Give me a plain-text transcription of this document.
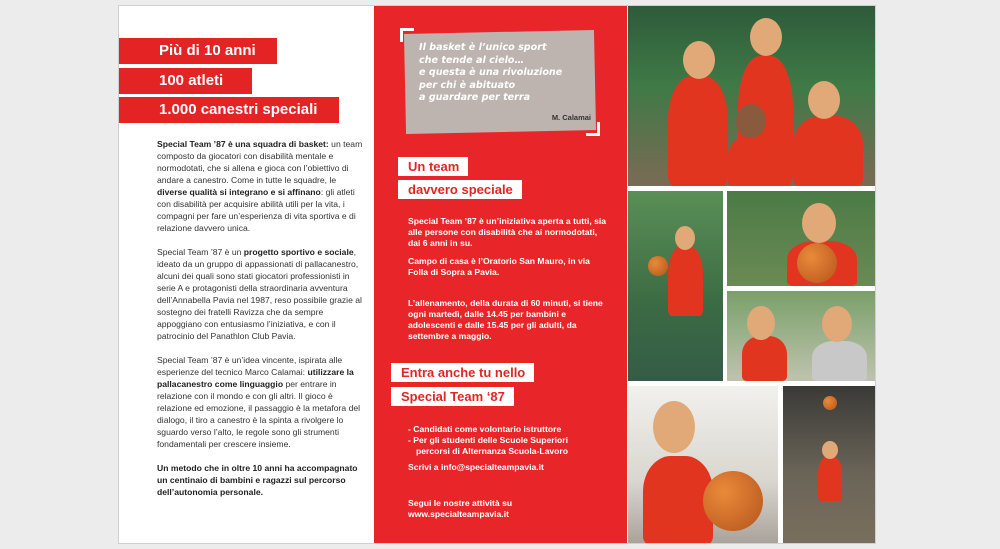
Più di 10 anni
100 atleti
1.000 canestri speciali

Special Team ’87 è una squadra di basket: un team composto da giocatori con disabilità mentale e normodotati, che si allena e gioca con l’obiettivo di andare a canestro. Come in tutte le squadre, le diverse qualità si integrano e si affinano: gli atleti con disabilità per acquisire abilità utili per la vita, i compagni per fare un’esperienza di vita sportiva e di relazione davvero unica.

Special Team ’87 è un progetto sportivo e sociale, ideato da un gruppo di appassionati di pallacanestro, alcuni dei quali sono stati giocatori professionisti in serie A e protagonisti della straordinaria avventura dell’Annabella Pavia nel 1987, reso possibile grazie al sostegno dei fratelli Ravizza che da sempre appoggiano con entusiasmo l’iniziativa, e con il patrocinio del Panathlon Club Pavia.

Special Team ’87 è un’idea vincente, ispirata alle esperienze del tecnico Marco Calamai: utilizzare la pallacanestro come linguaggio per entrare in relazione con il mondo e con gli altri. Il gioco è relazione ed emozione, il passaggio è la metafora del dialogo, il tiro a canestro è la spinta a rivolgere lo sguardo verso l’alto, le regole sono gli strumenti fondamentali per crescere insieme.

Un metodo che in oltre 10 anni ha accompagnato un centinaio di bambini e ragazzi sul percorso dell’autonomia personale.

Il basket è l’unico sport
che tende al cielo…
e questa è una rivoluzione
per chi è abituato
a guardare per terra
M. Calamai
Un team
davvero speciale
Special Team ’87 è un’iniziativa aperta a tutti, sia alle persone con disabilità che ai normodotati, dai 6 anni in su.
Campo di casa è l’Oratorio San Mauro, in via Folla di Sopra a Pavia.
L’allenamento, della durata di 60 minuti, si tiene ogni martedì, dalle 14.45 per bambini e adolescenti e dalle 15.45 per gli adulti, da settembre a maggio.
Entra anche tu nello
Special Team ‘87
- Candidati come volontario istruttore
- Per gli studenti delle Scuole Superiori
percorsi di Alternanza Scuola-Lavoro
Scrivi a info@specialteampavia.it
Segui le nostre attività su www.specialteampavia.it
